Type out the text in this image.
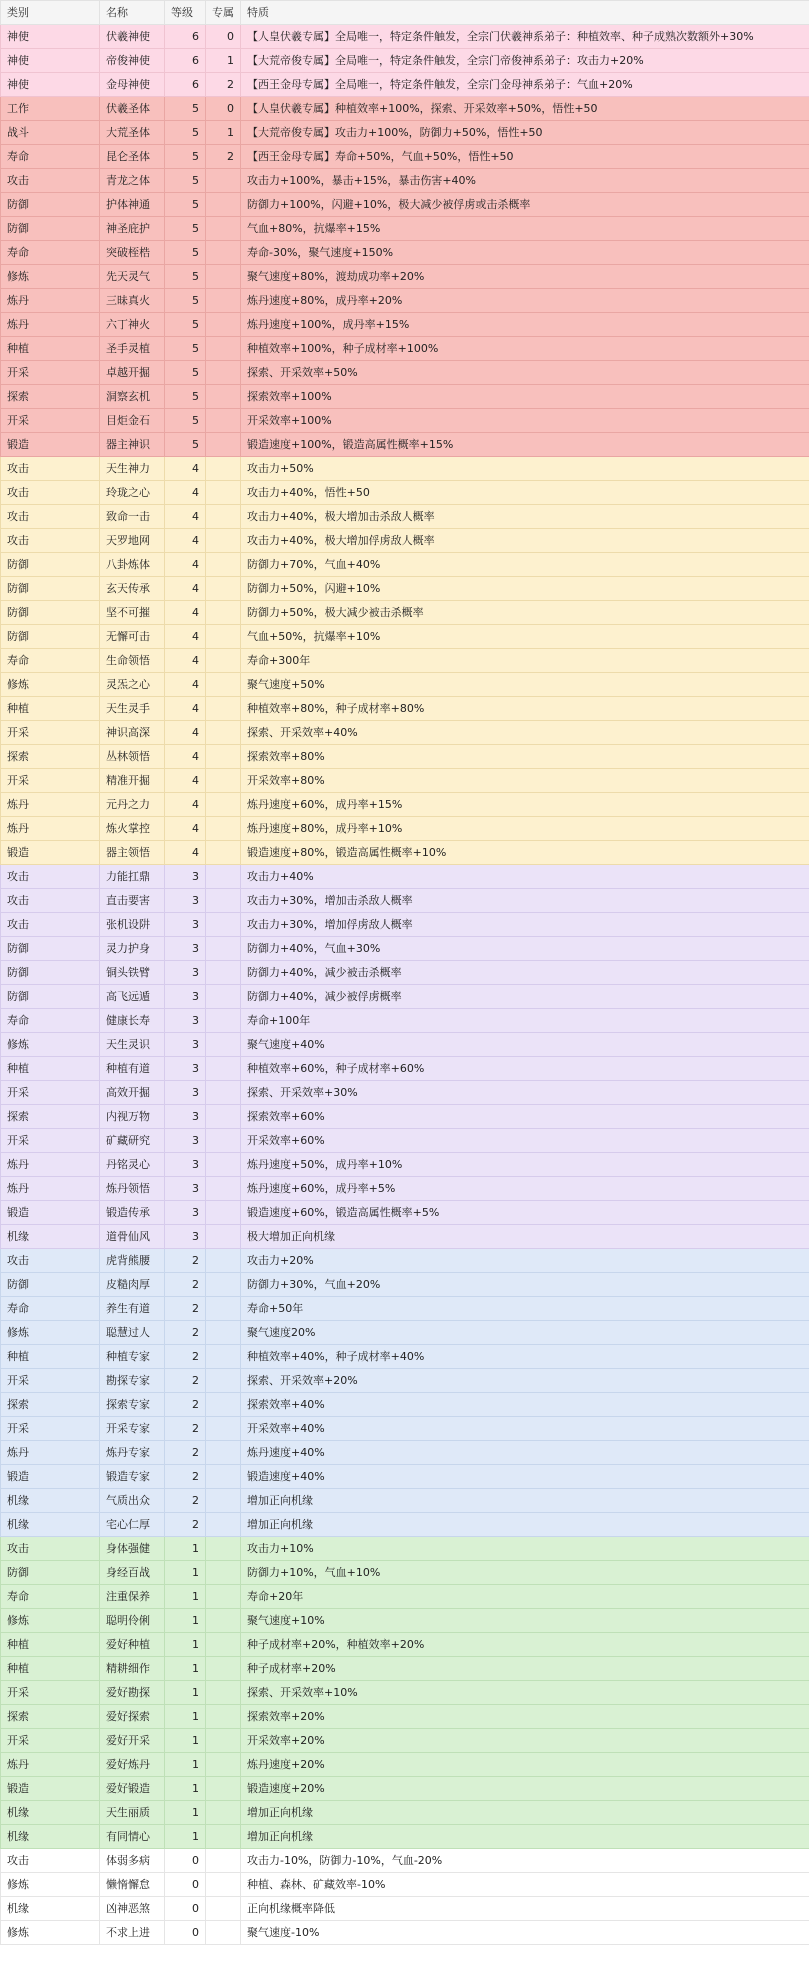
类别	名称	等级	专属	特质
神使	伏羲神使	6	0	【人皇伏羲专属】全局唯一，特定条件触发，全宗门伏羲神系弟子：种植效率、种子成熟次数额外+30%
神使	帝俊神使	6	1	【大荒帝俊专属】全局唯一，特定条件触发，全宗门帝俊神系弟子：攻击力+20%
神使	金母神使	6	2	【西王金母专属】全局唯一，特定条件触发，全宗门金母神系弟子：气血+20%
工作	伏羲圣体	5	0	【人皇伏羲专属】种植效率+100%，探索、开采效率+50%，悟性+50
战斗	大荒圣体	5	1	【大荒帝俊专属】攻击力+100%，防御力+50%，悟性+50
寿命	昆仑圣体	5	2	【西王金母专属】寿命+50%，气血+50%，悟性+50
攻击	青龙之体	5		攻击力+100%，暴击+15%，暴击伤害+40%
防御	护体神通	5		防御力+100%，闪避+10%，极大减少被俘虏或击杀概率
防御	神圣庇护	5		气血+80%，抗爆率+15%
寿命	突破桎梏	5		寿命-30%，聚气速度+150%
修炼	先天灵气	5		聚气速度+80%，渡劫成功率+20%
炼丹	三昧真火	5		炼丹速度+80%，成丹率+20%
炼丹	六丁神火	5		炼丹速度+100%，成丹率+15%
种植	圣手灵植	5		种植效率+100%，种子成材率+100%
开采	卓越开掘	5		探索、开采效率+50%
探索	洞察玄机	5		探索效率+100%
开采	目炬金石	5		开采效率+100%
锻造	器主神识	5		锻造速度+100%，锻造高属性概率+15%
攻击	天生神力	4		攻击力+50%
攻击	玲珑之心	4		攻击力+40%，悟性+50
攻击	致命一击	4		攻击力+40%，极大增加击杀敌人概率
攻击	天罗地网	4		攻击力+40%，极大增加俘虏敌人概率
防御	八卦炼体	4		防御力+70%，气血+40%
防御	玄天传承	4		防御力+50%，闪避+10%
防御	坚不可摧	4		防御力+50%，极大减少被击杀概率
防御	无懈可击	4		气血+50%，抗爆率+10%
寿命	生命领悟	4		寿命+300年
修炼	灵炁之心	4		聚气速度+50%
种植	天生灵手	4		种植效率+80%，种子成材率+80%
开采	神识高深	4		探索、开采效率+40%
探索	丛林领悟	4		探索效率+80%
开采	精准开掘	4		开采效率+80%
炼丹	元丹之力	4		炼丹速度+60%，成丹率+15%
炼丹	炼火掌控	4		炼丹速度+80%，成丹率+10%
锻造	器主领悟	4		锻造速度+80%，锻造高属性概率+10%
攻击	力能扛鼎	3		攻击力+40%
攻击	直击要害	3		攻击力+30%，增加击杀敌人概率
攻击	张机设阱	3		攻击力+30%，增加俘虏敌人概率
防御	灵力护身	3		防御力+40%，气血+30%
防御	铜头铁臂	3		防御力+40%，减少被击杀概率
防御	高飞远遁	3		防御力+40%，减少被俘虏概率
寿命	健康长寿	3		寿命+100年
修炼	天生灵识	3		聚气速度+40%
种植	种植有道	3		种植效率+60%，种子成材率+60%
开采	高效开掘	3		探索、开采效率+30%
探索	内视万物	3		探索效率+60%
开采	矿藏研究	3		开采效率+60%
炼丹	丹铭灵心	3		炼丹速度+50%，成丹率+10%
炼丹	炼丹领悟	3		炼丹速度+60%，成丹率+5%
锻造	锻造传承	3		锻造速度+60%，锻造高属性概率+5%
机缘	道骨仙风	3		极大增加正向机缘
攻击	虎背熊腰	2		攻击力+20%
防御	皮糙肉厚	2		防御力+30%，气血+20%
寿命	养生有道	2		寿命+50年
修炼	聪慧过人	2		聚气速度20%
种植	种植专家	2		种植效率+40%，种子成材率+40%
开采	勘探专家	2		探索、开采效率+20%
探索	探索专家	2		探索效率+40%
开采	开采专家	2		开采效率+40%
炼丹	炼丹专家	2		炼丹速度+40%
锻造	锻造专家	2		锻造速度+40%
机缘	气质出众	2		增加正向机缘
机缘	宅心仁厚	2		增加正向机缘
攻击	身体强健	1		攻击力+10%
防御	身经百战	1		防御力+10%，气血+10%
寿命	注重保养	1		寿命+20年
修炼	聪明伶俐	1		聚气速度+10%
种植	爱好种植	1		种子成材率+20%，种植效率+20%
种植	精耕细作	1		种子成材率+20%
开采	爱好勘探	1		探索、开采效率+10%
探索	爱好探索	1		探索效率+20%
开采	爱好开采	1		开采效率+20%
炼丹	爱好炼丹	1		炼丹速度+20%
锻造	爱好锻造	1		锻造速度+20%
机缘	天生丽质	1		增加正向机缘
机缘	有同情心	1		增加正向机缘
攻击	体弱多病	0		攻击力-10%，防御力-10%，气血-20%
修炼	懒惰懈怠	0		种植、森林、矿藏效率-10%
机缘	凶神恶煞	0		正向机缘概率降低
修炼	不求上进	0		聚气速度-10%
